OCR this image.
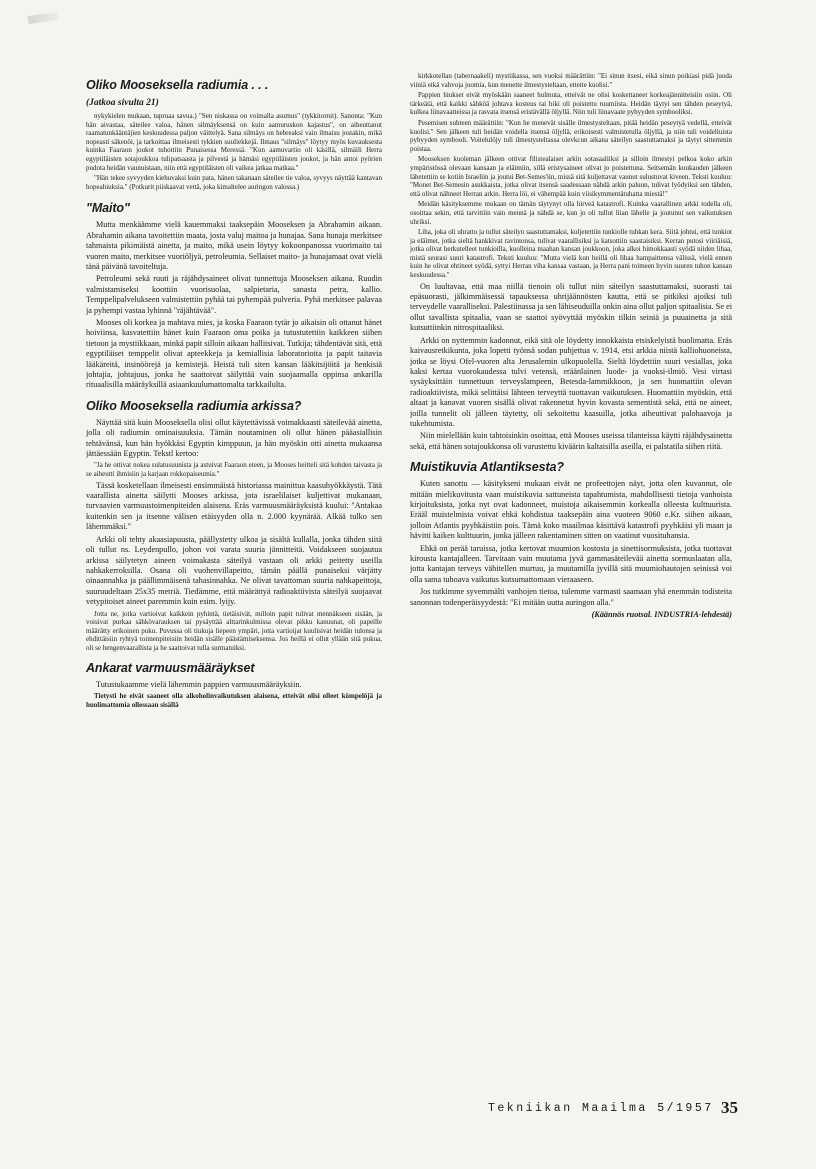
Oliko Mooseksella radiumia . . .
(Jatkoa sivulta 21)

nykykielen mukaan, tupruaa savua.) "Sen niskassa on voimalla asumus" (tykkitornit). Sanonta: "Kun hän aivastaa, säteilee valoa, hänen silmäyksensä on kuin aamuruskon kajastus", on aiheuttanut raamatunkääntäjien keskuudessa paljon väittelyä. Sana silmäys on hebreaksi vain ilmaisu jostakin, mikä nopeasti säkenöi, ja tarkoittaa ilmeisesti tykkien suuliekkejä. Ilmaus "silmäys" löytyy myös kuvauksesta kuinka Faaraon joukot tuhottiin Punaisessa Meressä. "Kun aamuvartio oli käsillä, silmäili Herra egyptiläisten sotajoukkoa tulipatsaasta ja pilvestä ja hämäsi egyptiläisten joukot, ja hän antoi pyörien pudota heidän vaunuistaan, niin että egyptiläisten oli vaikea jatkaa matkaa."

"Hän tekee syvyyden kiehuvaksi kuin pata, hänen takanaan säteilee tie valoa, syvyys näyttää kantavan hopeahiuksia." (Potkurit piiskaavat vettä, joka kimaltelee auringon valossa.)

"Maito"

Mutta menkäämme vielä kauemmaksi taaksepäin Mooseksen ja Abrahamin aikaan. Abrahamin aikana tavoitettiin maata, josta valuj maitoa ja hunajaa. Sana hunaja merkitsee tahmaista pikimäistä ainetta, ja maito, mikä usein löytyy kokoonpanossa vuorimaito tai vuoren maito, merkitsee vuoriöljyä, petroleumia. Sellaiset maito- ja hunajamaat ovat vielä tänä päivänä tavoiteltuja.

Petroleumi sekä ruuti ja räjähdysaineet olivat tunnettuja Mooseksen aikana. Ruudin valmistamiseksi koottiin vuorisuolaa, salpietaria, sanasta petra, kallio. Temppelipalvelukseen valmistettiin pyhää tai pyhempää pulveria. Pyhä merkitsee palavaa ja pyhempi vastaa lyhinnä "räjähtävää".

Mooses oli korkea ja mahtava mies, ja koska Faaraon tytär jo aikaisin oli ottanut hänet hoiviinsa, kasvatettiin hänet kuin Faaraon oma poika ja tutustutettiin kaikkeen siihen tietoon ja mystiikkaan, minkä papit silloin aikaan hallitsivat. Tutkija; tähdentävät sitä, että egyptiläiset temppelit olivat apteekkeja ja kemiallisia laboratorioita ja papit taitavia lääkäreitä, insinöörejä ja kemistejä. Heistä tuli siten kansan lääkitsijöitä ja henkisiä johtajia, johtajuus, jonka he saattoivat säilyttää vain suojaamalla oppinsa ankarilla rituaalisilla määräyksillä asiaankuulumattomalta tarkkailulta.

Oliko Mooseksella radiumia arkissa?

Näyttää sitä kuin Mooseksella olisi ollut käytettävissä voimakkaasti säteilevää ainetta, jolla oli radiumin ominaisuuksia. Tämän noutaminen oli ollut hänen pääasiallisin tehtävänsä, kun hän hyökkäsi Egyptin kimppuun, ja hän myöskin otti ainetta mukaansa jättäessään Egyptin. Tekstl kertoo:

"Ja he ottivat nokea sulatusuunista ja astuivat Faaraon eteen, ja Mooses heitteli sitä kohden taivasta ja se aiheutti ihmisiin ja karjaan rokkopaiseumia."

Tässä kosketellaan ilmeisesti ensimmäistä historiassa mainittua kaasuhyökkäystä. Tätä vaarallista ainetta säilytti Mooses arkissa, jota israelilaiset kuljettivat mukanaan, turvaavien varmuustoimenpiteiden alaisena. Eräs varmuusmääräyksistä kuului: "Antakaa kuitenkin sen ja itsenne välisen etäisyyden olla n. 2.000 kyynärää. Alkää tulko sen lähemmäksi."

Arkki oli tehty akaasiapuusta, päällystetty ulkoa ja sisältä kullalla, jonka tähden siitä oli tullut ns. Leydenpullo, johon voi varata suuria jännitteitä. Voidakseen suojautua arkissa säilytetyn aineen voimakasta säteilyä vastaan oli arkki peitetty useilla nahkakerroksilla. Osana oli vuohenvillapeitto, tämän päällä punaiseksi värjätty oinaannahka ja päällimmäisenä tahasinnahka. Ne olivat tavattoman suuria nahkapeittoja, suuruudeltaan 25x35 metriä. Tiedämme, että määrättyä radioaktiivista säteilyä suojaavat vetypitoiset aineet paremmin kuin esim. lyijy.

Jotta ne, jotka vartioivat kaikkein pyhintä, tietäisivät, milloin papit tulivat mennäkseen sisään, ja voisivat purkaa sähkövarauksen tai pysäyttää alttarinkulmissa olevat pikku kanuunat, oli papeille määrätty erikoinen puku. Puvussa oli tiukuja liepeen ympäri, jotta vartioijat kuulisivat heidän tulonsa ja ehdittäisiin ryhtyä toimenpiteisiin heidän sisälle päästämiseksensa. Jos heillä ei ollut yllään sitä pukua, oli se hengenvaarallista ja he saattoivat tulla surmatuiksi.

Ankarat varmuusmääräykset

Tutustukaamme vielä lähemmin pappien varmuusmääräyksiin.

Tietysti he eivät saaneet olla alkoholinvaikutuksen alaisena, etteivät olisi olleet kömpelöjä ja huolimattomia ollessaan sisällä

kirkkotellan (tabernaakeli) mystiikassa, sen vuoksi määrättiin: "Ei sinun itsesi, eikä sinun poikiasi pidä juoda viiniä eikä vahvoja juomia, kun menette ilmestysteltaan, ettette kuolisi."

Pappien hiukset eivät myöskään saaneet hulmuta, etteivät ne olisi koskettaneet korkeajännitteisiin osiin. Oli tärkeätä, että kaikki sähköä johtava kosteus tai hiki oli poistettu ruumiista. Heidän täytyi sen tähden peseytyä, kulkea liinavaatteissa ja rasvata itsensä eristävällä öljyllä. Niin tuli liinavaate pyhyyden symbooliksi.

Pesemisen suhteen määrättiin: "Kun he menevät sisälle ilmestysteltaan, pitää heidän peseytyä vedellä, etteivät kuolisi." Sen jälkeen tuli heidän voidella itsensä öljyllä, erikoisesti valmistetulla öljyllä, ja niin tuli voidelluista pyhyyden symbooli. Voitelulöjy tuli ilmestysteltassa olevkcun aikana säteilyn saastuttamaksi ja täytyi sittemmin poistaa.

Mooseksen kuoleman jälkeen ottivat filistealaiset arkin sotasaaliiksi ja silloin ilmestyi pelkoa koko arkin ympäristössä olevaan kansaan ja eläimiin, sillä eristysaineet olivat jo poistettuna. Seitsemän kuukauden jälkeen lähetettiin se kotiin Israeliin ja joutui Bet-Semes'iin, missä sitä kuljettavat vaunut sulustuvat kiveen. Teksti kuuluu: "Monet Bet-Semesin asukkaista, jotka olivat itsensä saadessaan nähdä arkin paluun, tulivat lyödyiksi sen tähden, että olivat nähneet Herran arkin. Herra löi, ei vähempää kuin viisikymmentätuhatta miestä!"

Meidän käsityksemme mukaan on tämän täytynyt olla hirveä katastrofi. Kuinka vaarallinen arkki todella oli, osoittaa sekin, että tarvittiin vain mennä ja nähdä se, kun jo oli tullut liian lähelle ja joutunut sen vaikutuksen uhriksi.

Liha, joka oli uhrattu ja tullut säteilyn saastuttamaksi, kuljetettiin tunkiolle tuhkan kera. Siitä johtui, että tunkiot ja eläimet, jotka sieltä hankkivat ravintonsa, tulivat vaarallisiksi ja katsottiin saastaisiksi. Kerran putosi viiriäisiä, jotka olivat herkutelleet tunkioilla, kuolleina maahan kansan joukkoon, joka alkoi himokkaasti syödä niiden lihaa, mistä seurasi suuri katastrofi. Teksti kuuluu: "Mutta vielä kun heillä oli lihaa hampaittensa välissä, vielä ennen kuin he olivat ehtineet syödä, syttyi Herran viha kansaa vastaan, ja Herra pani toimeen hyvin suuren tuhon kansan keskuudessa."

On luultavaa, että maa niillä tienoin oli tullut niin säteilyn saastuttamaksi, suorasti tai epäsuorasti, jälkimmäisessä tapauksessa uhrijäännösten kautta, että se pitkiksi ajoiksi tuli terveydelle vaaralliseksi. Palestiinassa ja sen lähiseuduilla onkin aina ollut paljon spitaalisia. Se ei ollut tavallista spitaalia, vaan se saattoi syövyttää myöskin tilkin seiniä ja puuainetta ja sitä kutsuttiinkin nitrospitaaliksi.

Arkki on nyttemmin kadonnut, eikä sitä ole löydetty innokkaista etsiskelyistä huolimatta. Eräs kaivausretkikunta, joka lopetti työnsä sodan puhjettua v. 1914, etsi arkkia niistä kalliohuoneista, jotka se löysi Ofel-vuoren alta Jerusalemin ulkopuolella. Sieltä löydettiin suuri vesiallas, joka kaksi kertaa vuorokaudessa tulvi vetensä, eräänlainen luode- ja vuoksi-ilmiö. Vesi virtasi sysäyksittäin tunnettuun terveyslampeen, Betesda-lammikkoon, ja sen huomattiin olevan radioaktiivista, mikä selittäisi lähteen terveyttä tuottavan vaikutuksen. Huomattiin myöskin, että altaat ja kanavat vuoren sisällä olivat rakennetut hyvin kovasta sementistä sekä, että ne aineet, joilla tunnelit oli jälleen täytetty, oli sekoitettu kaasuilla, jotka aiheuttivat palohaavoja ja tukehtumista.

Niin mielellään kuin tahtoisinkin osoittaa, että Mooses useissa tilanteissa käytti räjähdysainetta sekä, että hänen sotajoukkonsa oli varustettu kiväärin kaltaisilla aseilla, ei palstatila siihen riitä.

Muistikuvia Atlantiksesta?

Kuten sanottu — käsitykseni mukaan eivät ne profeettojen näyt, jotta olen kuvannut, ole mitään mielikuvitusta vaan muistikuvia sattuneista tapahtumista, mahdollisesti tietoja vanhoista kirjoituksista, jotka nyt ovat kadonneet, muistoja aikaisemmin korkealla olleesta kulttuurista. Erääl muistelmista voivat ehkä kohdistua taaksepäin aina vuoteen 9060 e.Kr. siihen aikaan, jolloin Atlantis pyyhkäistiin pois. Tämä koko maailmaa käsittävä katastrofi pyyhkäisi yli maan ja hävitti kaiken kulttuurin, jonka jälleen rakentaminen sitten on vaatinut vuosituhansia.

Ehkä on perää taruissa, jotka kertovat muumion kostosta ja sinettisormuksista, jotka tuottavat kirousta kantajalleen. Tarvitaan vain muutama jyvä gammasäteilevää ainetta sormuslaatan alla, jotta kantajan terveys vähitellen murtuu, ja muutamilla jyvillä sitä muumiohautojen seinissä voi olla sama tuhoava vaikutus kutsumattomaan vieraaseen.

Jos tutkimme syvemmälti vanhojen tietoa, tulemme varmasti saamaan yhä enemmän todisteita sanonnan todenperäisyydestä: "Ei mitään uutta auringon alla."

(Käännös ruotsal. INDUSTRIA-lehdestä)

Tekniikan Maailma 5/1957 35
